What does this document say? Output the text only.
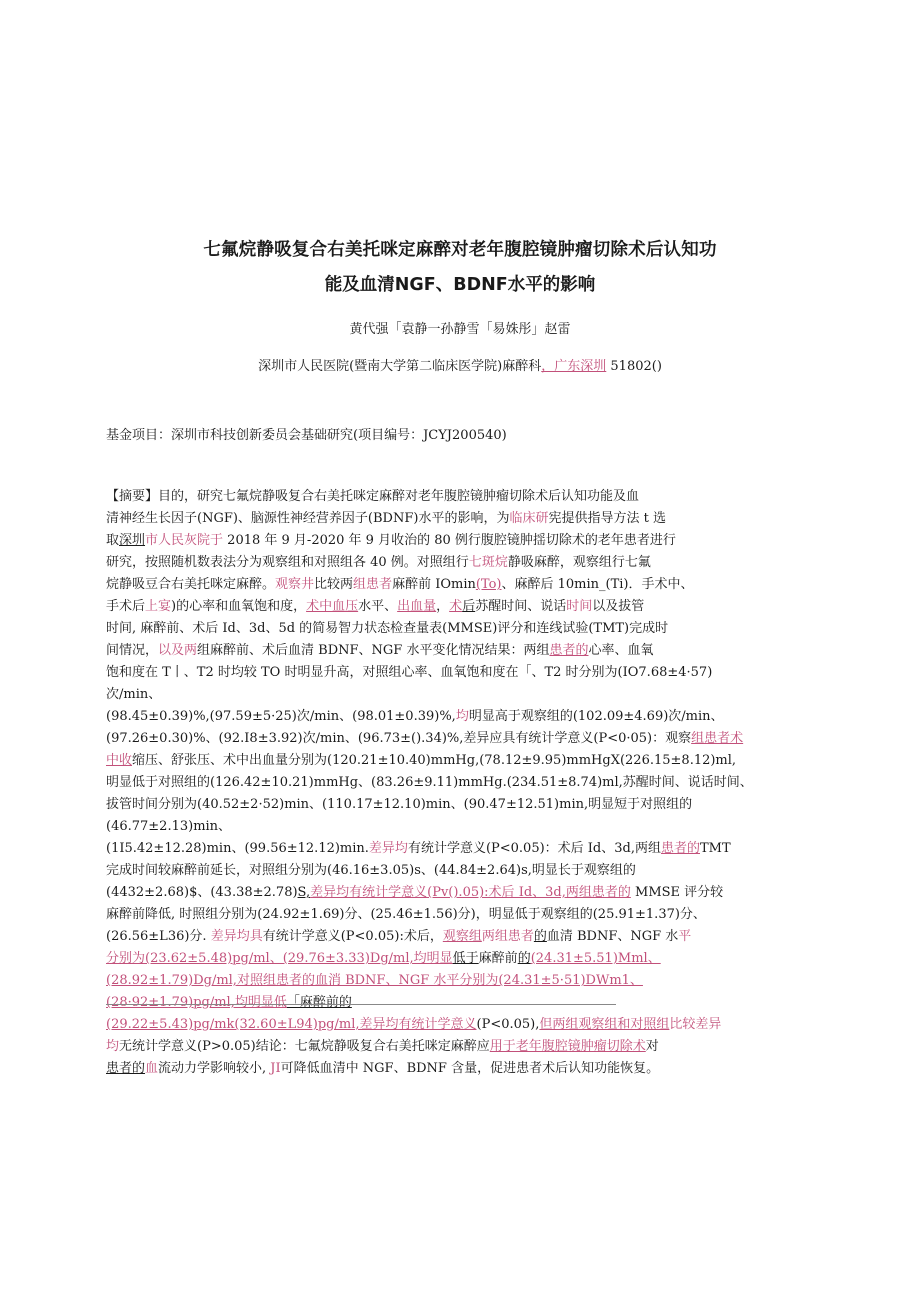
七氟烷静吸复合右美托咪定麻醉对老年腹腔镜肿瘤切除术后认知功
能及血清NGF、BDNF水平的影响
黄代强「袁静一孙静雪「易姝彤」赵雷
深圳市人民医院(暨南大学第二临床医学院)麻醉科，广东深圳 51802()
基金项目：深圳市科技创新委员会基础研究(项目编号：JCYJ200540)
【摘要】目的，研究七氟烷静吸复合右美托咪定麻醉对老年腹腔镜肿瘤切除术后认知功能及血
清神经生长因子(NGF)、脑源性神经营养因子(BDNF)水平的影响，为临床研宪提供指导方法 t 选
取深圳市人民灰院于 2018 年 9 月-2020 年 9 月收治的 80 例行腹腔镜肿揺切除术的老年患者进行
研究，按照随机数表法分为观察组和对照组各 40 例。对照组行七斑烷静吸麻醉，观察组行七氟
烷静吸豆合右美托咪定麻醉。观察井比较两组患者麻醉前 IOmin(To)、麻醉后 10min_(Ti)．手术中、
手术后上宴)的心率和血氧饱和度，术中血压水平、出血量，术后苏醒时间、说话时间以及拔管
时间, 麻醉前、术后 Id、3d、5d 的简易智力状态检查量表(MMSE)评分和连线试验(TMT)完成时
间情况，以及两组麻醉前、术后血清 BDNF、NGF 水平变化情况结果：两组患者的心率、血氧
饱和度在 T丨、T2 时均较 TO 时明显升高，对照组心率、血氧饱和度在「、T2 时分别为(IO7.68±4·57)
次/min、
(98.45±0.39)%,(97.59±5·25)次/min、(98.01±0.39)%,均明显高于观察组的(102.09±4.69)次/min、
(97.26±0.30)%、(92.I8±3.92)次/min、(96.73±().34)%,差异应具有统计学意义(P<0·05)：观察组患者术
中收缩压、舒张压、术中出血量分别为(120.21±10.40)mmHg,(78.12±9.95)mmHgX(226.15±8.12)ml,
明显低于对照组的(126.42±10.21)mmHg、(83.26±9.11)mmHg.(234.51±8.74)ml,苏醒时间、说话时间、
拔管时间分别为(40.52±2·52)min、(110.17±12.10)min、(90.47±12.51)min,明显短于对照组的
(46.77±2.13)min、
(1I5.42±12.28)min、(99.56±12.12)min.差异均有统计学意义(P<0.05)：术后 Id、3d,两组患者的TMT
完成时间较麻醉前延长，对照组分别为(46.16±3.05)s、(44.84±2.64)s,明显长于观察组的
(4432±2.68)$、(43.38±2.78)S,差异均有统计学意义(Pv().05):术后 Id、3d,两组患者的 MMSE 评分较
麻醉前降低, 时照组分别为(24.92±1.69)分、(25.46±1.56)分)，明显低于观察组的(25.91±1.37)分、
(26.56±L36)分. 差异均具有统计学意义(P<0.05):术后，观察组两组患者的血清 BDNF、NGF 水平
分别为(23.62±5.48)pg/ml、(29.76±3.33)Dg/ml,均明显低于麻醉前的(24.31±5.51)Mml、
(28.92±1.79)Dg/ml,对照组患者的血消 BDNF、NGF 水平分别为(24.31±5·51)DWm1、
(28·92±1.79)pg/ml,均明显低「麻醉前的
(29.22±5.43)pg/mk(32.60±L94)pg/ml,差异均有统计学意义(P<0.05),但两组观察组和对照组比较差异
均无统计学意义(P>0.05)结论：七氟烷静吸复合右美托咪定麻醉应用于老年腹腔镜肿瘤切除术对
患者的血流动力学影响较小, JI可降低血清中 NGF、BDNF 含量，促进患者术后认知功能恢复。
